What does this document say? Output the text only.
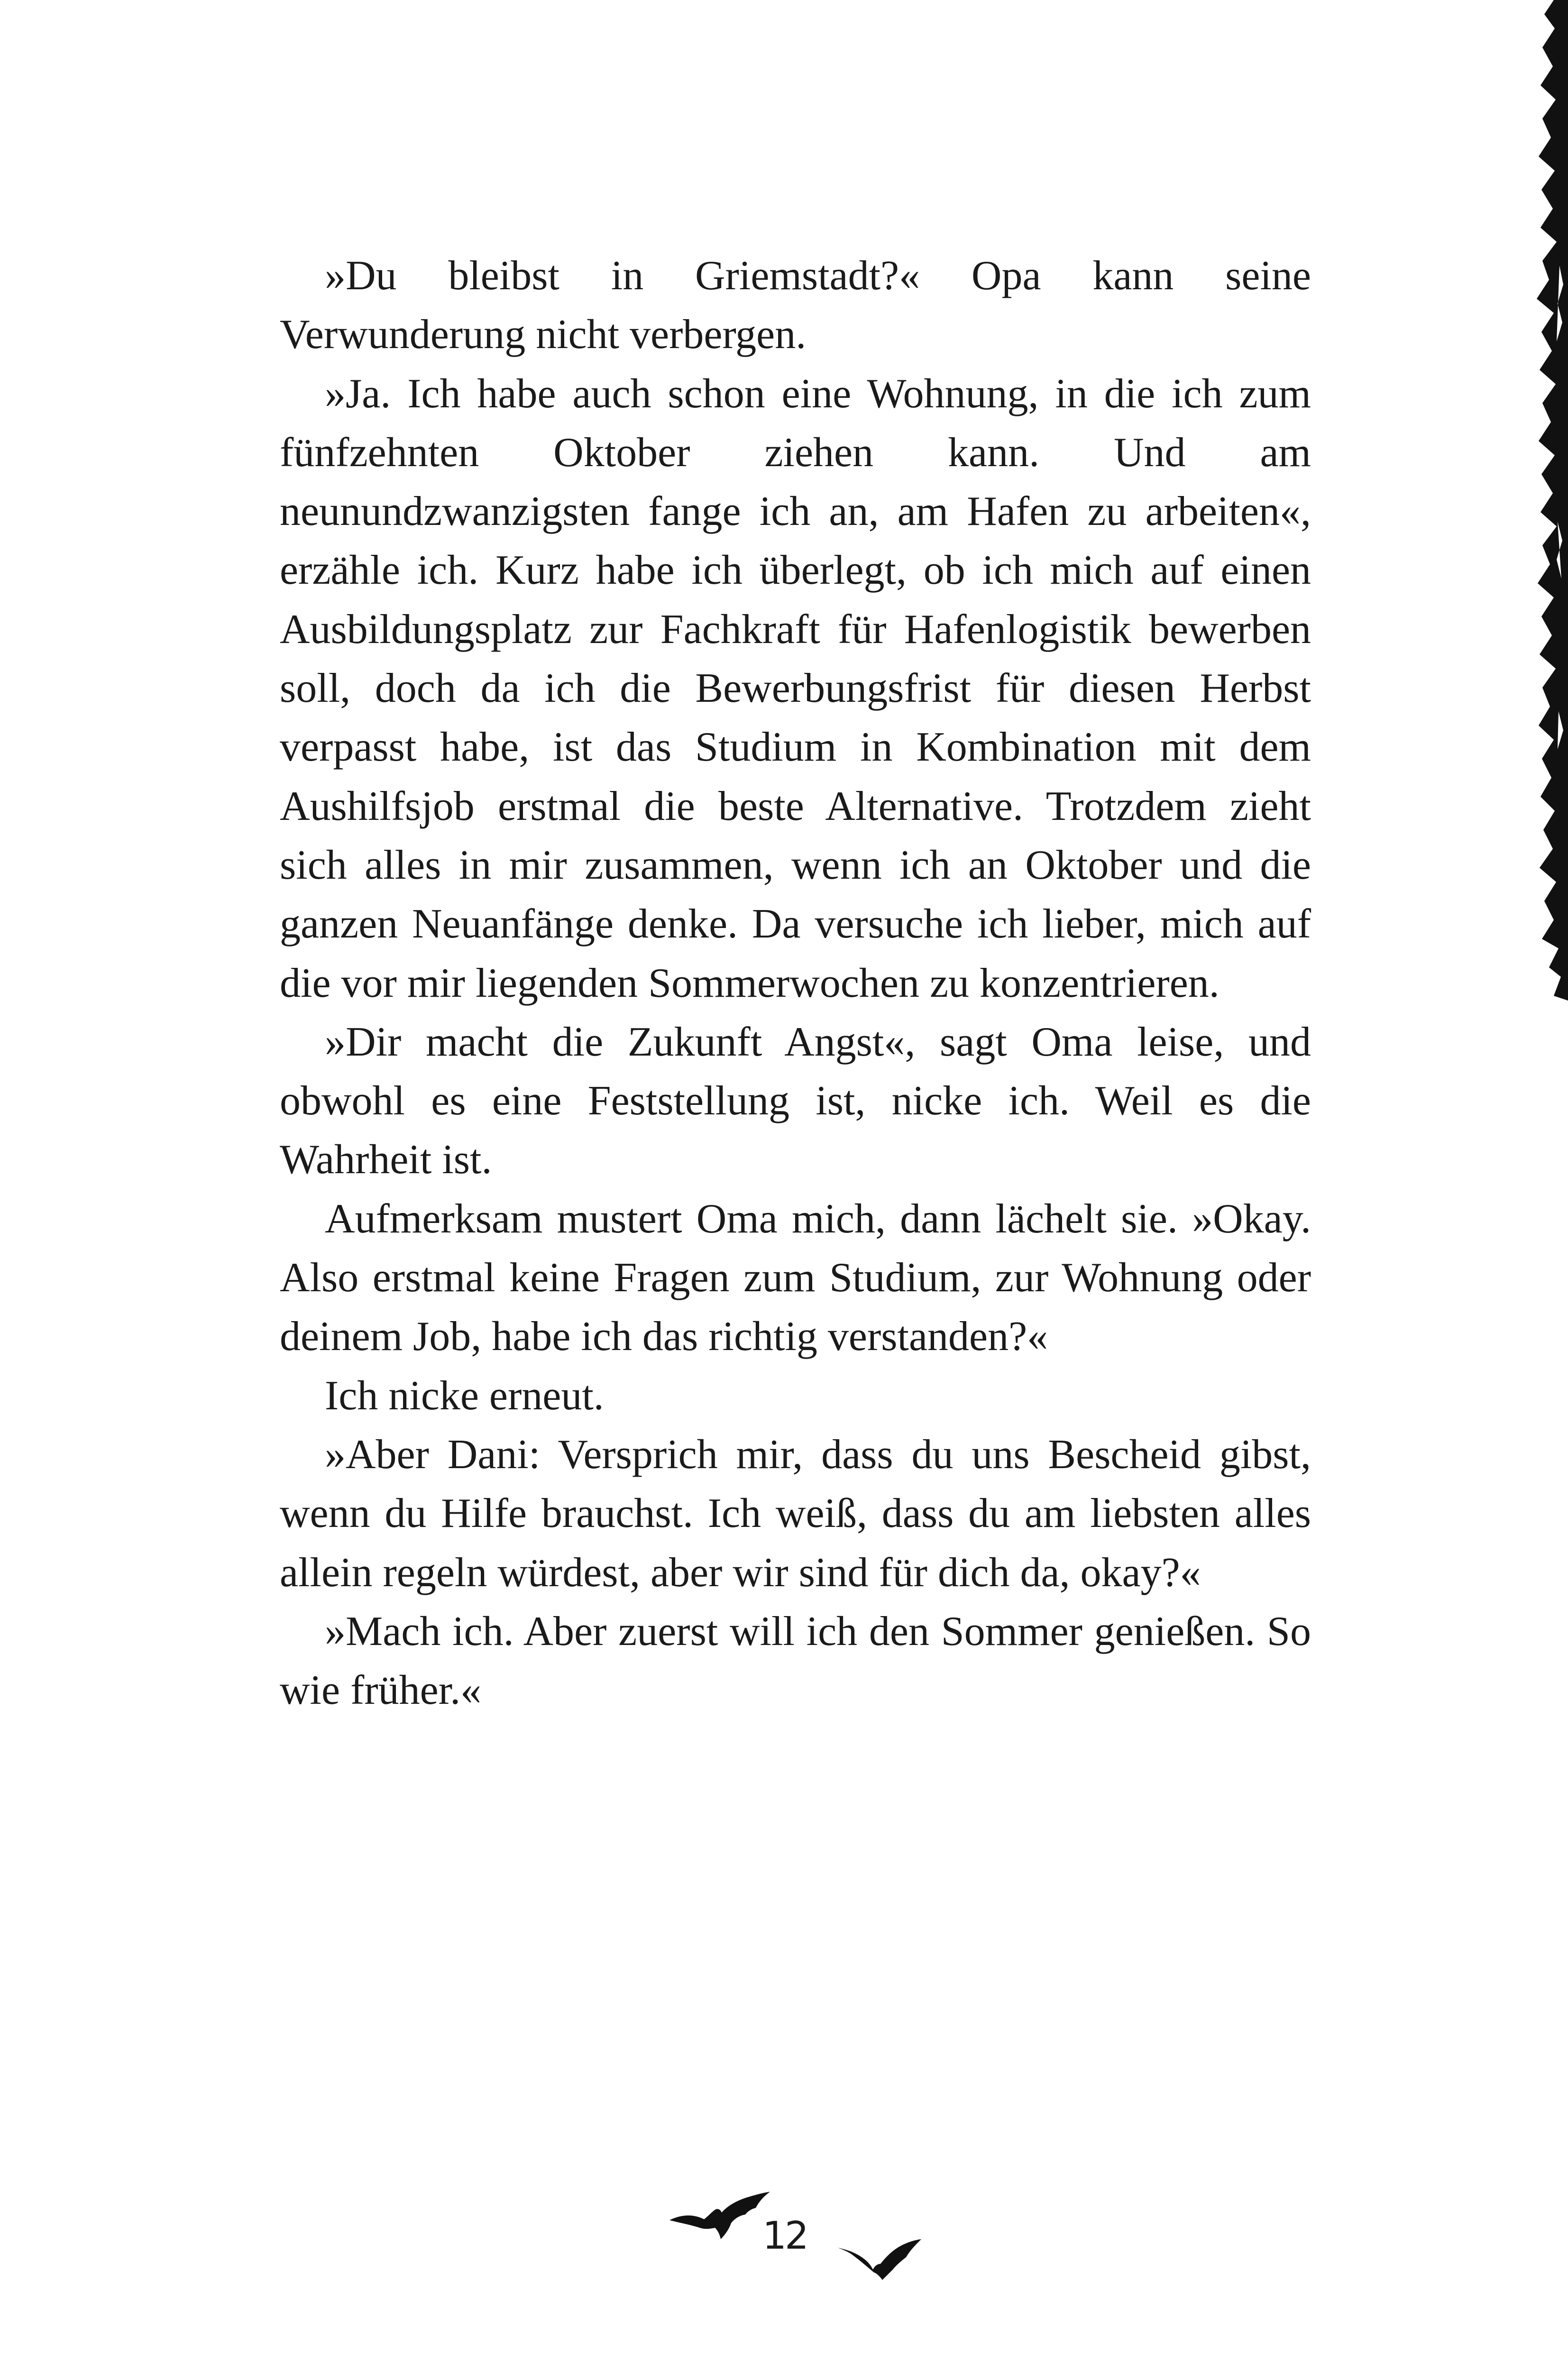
»Du bleibst in Griemstadt?« Opa kann seine Verwunderung nicht verbergen.

»Ja. Ich habe auch schon eine Wohnung, in die ich zum fünfzehnten Oktober ziehen kann. Und am neunundzwanzigsten fange ich an, am Hafen zu arbeiten«, erzähle ich. Kurz habe ich überlegt, ob ich mich auf einen Ausbildungsplatz zur Fachkraft für Hafenlogistik bewerben soll, doch da ich die Bewerbungsfrist für diesen Herbst verpasst habe, ist das Studium in Kombination mit dem Aushilfsjob erstmal die beste Alternative. Trotzdem zieht sich alles in mir zusammen, wenn ich an Oktober und die ganzen Neuanfänge denke. Da versuche ich lieber, mich auf die vor mir liegenden Sommerwochen zu konzentrieren.

»Dir macht die Zukunft Angst«, sagt Oma leise, und obwohl es eine Feststellung ist, nicke ich. Weil es die Wahrheit ist.

Aufmerksam mustert Oma mich, dann lächelt sie. »Okay. Also erstmal keine Fragen zum Studium, zur Wohnung oder deinem Job, habe ich das richtig verstanden?«

Ich nicke erneut.

»Aber Dani: Versprich mir, dass du uns Bescheid gibst, wenn du Hilfe brauchst. Ich weiß, dass du am liebsten alles allein regeln würdest, aber wir sind für dich da, okay?«

»Mach ich. Aber zuerst will ich den Sommer genießen. So wie früher.«

12
